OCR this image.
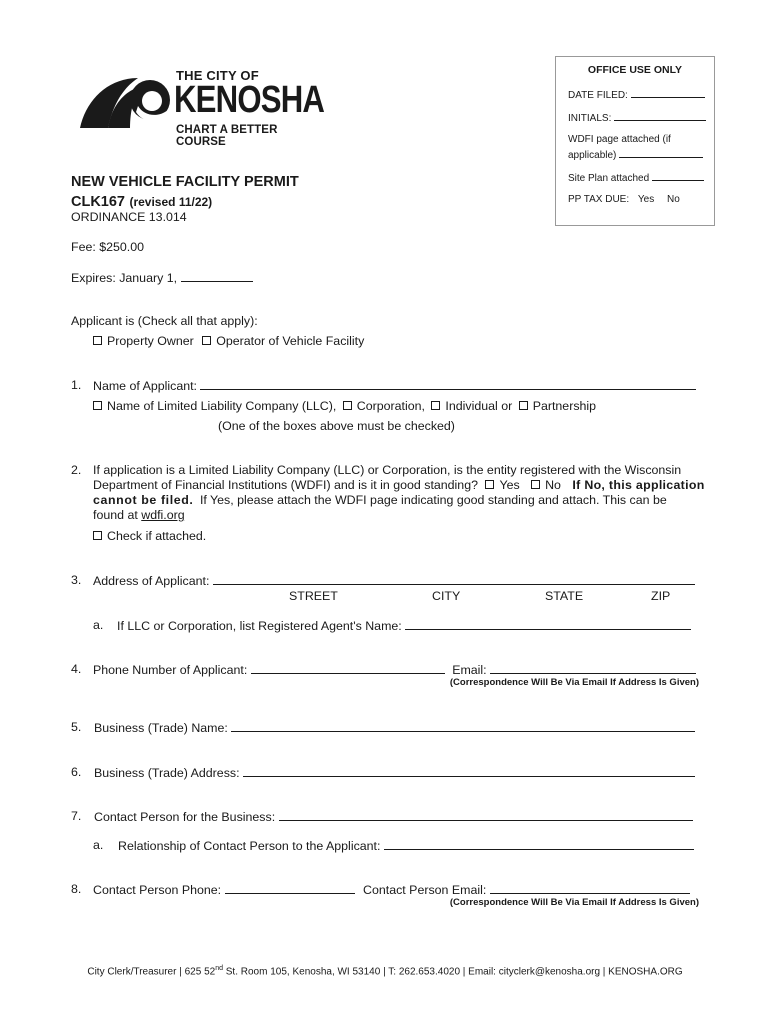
THE CITY OF
KENOSHA
CHART A BETTER COURSE
OFFICE USE ONLY
DATE FILED:
INITIALS:
WDFI page attached (if
applicable)
Site Plan attached
PP TAX DUE: Yes No
NEW VEHICLE FACILITY PERMIT
CLK167 (revised 11/22)
ORDINANCE 13.014
Fee: $250.00
Expires: January 1,
Applicant is (Check all that apply):
Property Owner Operator of Vehicle Facility
1. Name of Applicant:
Name of Limited Liability Company (LLC), Corporation, Individual or Partnership
(One of the boxes above must be checked)
2. If application is a Limited Liability Company (LLC) or Corporation, is the entity registered with the Wisconsin
Department of Financial Institutions (WDFI) and is it in good standing? Yes No If No, this application
cannot be filed. If Yes, please attach the WDFI page indicating good standing and attach. This can be
found at wdfi.org
Check if attached.
3. Address of Applicant:
STREET	CITY	STATE	ZIP
a. If LLC or Corporation, list Registered Agent's Name:
4. Phone Number of Applicant:	Email:
(Correspondence Will Be Via Email If Address Is Given)
5. Business (Trade) Name:
6. Business (Trade) Address:
7. Contact Person for the Business:
a. Relationship of Contact Person to the Applicant:
8. Contact Person Phone:	Contact Person Email:
(Correspondence Will Be Via Email If Address Is Given)
City Clerk/Treasurer | 625 52nd St. Room 105, Kenosha, WI 53140 | T: 262.653.4020 | Email: cityclerk@kenosha.org | KENOSHA.ORG
